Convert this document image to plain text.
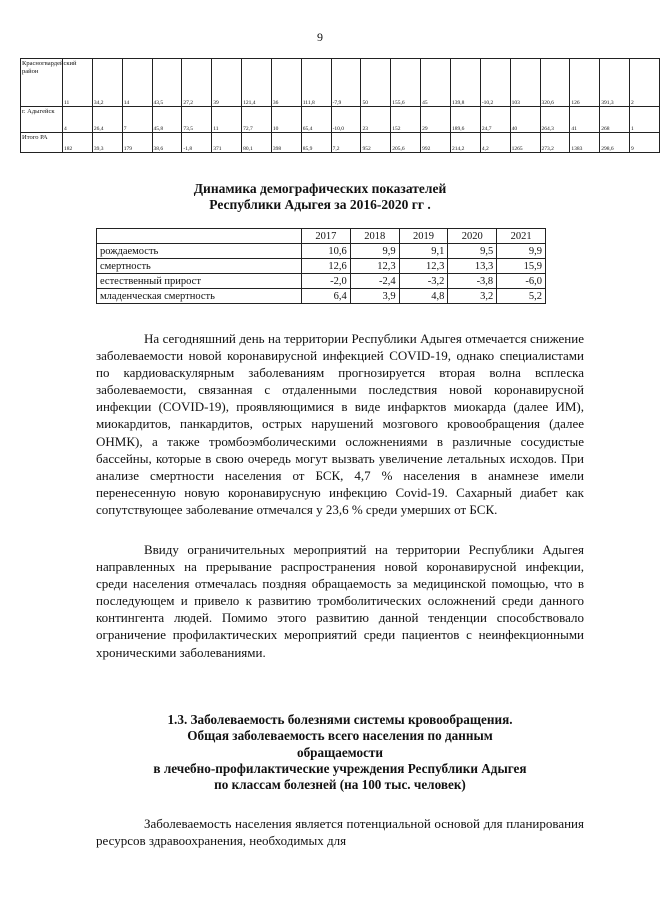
9
Красногвардейский район	11	34,2	14	43,5	27,2	39	121,4	36	111,8	-7,9	50	155,6	45	139,8	-10,2	103	320,6	126	391,3	2
г. Адыгейск	4	26,4	7	45,8	73,5	11	72,7	10	65,4	-10,0	23	152	29	189,6	24,7	40	264,3	41	268	1
Итого РА	182	39,3	179	38,6	-1,8	371	80,1	398	85,9	7,2	952	205,6	992	214,2	4,2	1265	273,2	1383	298,6	9
Динамика демографических показателей
Республики Адыгея за 2016-2020 гг .
	2017	2018	2019	2020	2021
рождаемость	10,6	9,9	9,1	9,5	9,9
смертность	12,6	12,3	12,3	13,3	15,9
естественный прирост	-2,0	-2,4	-3,2	-3,8	-6,0
младенческая смертность	6,4	3,9	4,8	3,2	5,2

На сегодняшний день на территории Республики Адыгея отмечается снижение заболеваемости новой коронавирусной инфекцией COVID-19, однако специалистами по кардиоваскулярным заболеваниям прогнозируется вторая волна всплеска заболеваемости, связанная с отдаленными последствия новой коронавирусной инфекции (COVID-19), проявляющимися в виде инфарктов миокарда (далее ИМ), миокардитов, панкардитов, острых нарушений мозгового кровообращения (далее ОНМК), а также тромбоэмболическими осложнениями в различные сосудистые бассейны, которые в свою очередь могут вызвать увеличение летальных исходов. При анализе смертности населения от БСК, 4,7 % населения в анамнезе имели перенесенную новую коронавирусную инфекцию Covid-19. Сахарный диабет как сопутствующее заболевание отмечался у 23,6 % среди умерших от БСК.

Ввиду ограничительных мероприятий на территории Республики Адыгея направленных на прерывание распространения новой коронавирусной инфекции, среди населения отмечалась поздняя обращаемость за медицинской помощью, что в последующем и привело к развитию тромболитических осложнений среди данного контингента людей. Помимо этого развитию данной тенденции способствовало ограничение профилактических мероприятий среди пациентов с неинфекционными хроническими заболеваниями.

1.3. Заболеваемость болезнями системы кровообращения.
Общая заболеваемость всего населения по данным
обращаемости
в лечебно-профилактические учреждения Республики Адыгея
по классам болезней (на 100 тыс. человек)

Заболеваемость населения является потенциальной основой для планирования ресурсов здравоохранения, необходимых для
